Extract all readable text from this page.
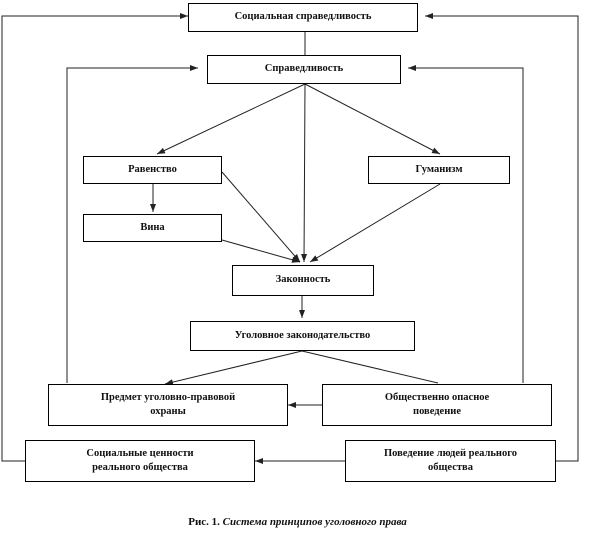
Социальная справедливость
Справедливость
Равенство	Гуманизм
Вина
Законность
Уголовное законодательство
Предмет уголовно-правовой
охраны
Общественно опасное
поведение
Социальные ценности
реального общества
Поведение людей реального
общества
Рис. 1. Система принципов уголовного права
